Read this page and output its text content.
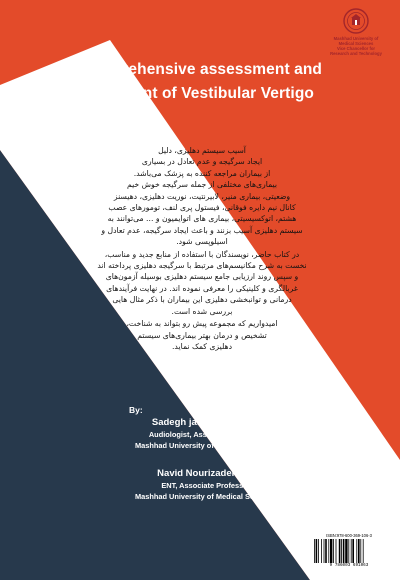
Mashhad University of
Medical Sciences
Vice Chancellor for
Research and Technology
Comprehensive assessment and
treatment of Vestibular Vertigo
آسیب سیستم دهلیزی، دلیل
ایجاد سرگیجه و عدم تعادل در بسیاری
از بیماران مراجعه کننده به پزشک می‌باشد.
بیماری‌های مختلفی از جمله سرگیجه خوش خیم
وضعیتی، بیماری منیر، لابیرنتیت، نوریت دهلیزی، دهیسنز
کانال نیم دایره فوقانی، فیستول پری لنف، تومورهای عصب
هشتم، اتوکسیسیتی، بیماری های اتوایمیون و ... می‌توانند به
سیستم دهلیزی آسیب بزنند و باعث ایجاد سرگیجه، عدم تعادل و
اسیلوپسی شود.
در کتاب حاضر، نویسندگان با استفاده از منابع جدید و مناسب،
نخست به شرح مکانیسم‌های مرتبط با سرگیجه دهلیزی پرداخته اند
و سپس روند ارزیابی جامع سیستم دهلیزی بوسیله آزمون‌های
غربالگری و کلینیکی را معرفی نموده اند. در نهایت فرآیندهای
درمانی و توانبخشی دهلیزی این بیماران با ذکر مثال هایی
بررسی شده است.
امیدواریم که مجموعه پیش رو بتواند به شناخت،
تشخیص و درمان بهتر بیماری‌های سیستم
دهلیزی کمک نماید.
By:
Sadegh jafarzadeh Ph.D
Audiologist, Assistant Professor
Mashhad University of Medical Sciences
Navid Nourizadeh MD
ENT, Associate Professor
Mashhad University of Medical Sciences
ISBN:978-600-369-106-3
9 786003 691063
